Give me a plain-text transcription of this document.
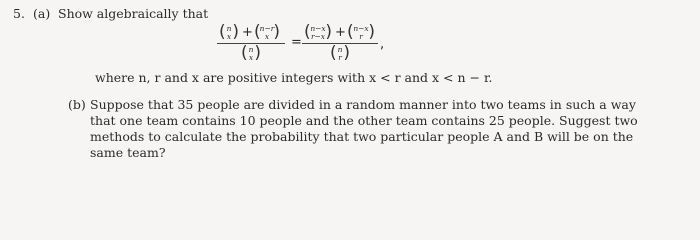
5. (a) Show algebraically that
( n
x ) + ( n−r
x )
( n
x )
=
( n−x
r−x ) + ( n−x
r )
( n
r ) ,
where n, r and x are positive integers with x < r and x < n − r.
(b) Suppose that 35 people are divided in a random manner into two teams in such a way
that one team contains 10 people and the other team contains 25 people. Suggest two
methods to calculate the probability that two particular people A and B will be on the
same team?
